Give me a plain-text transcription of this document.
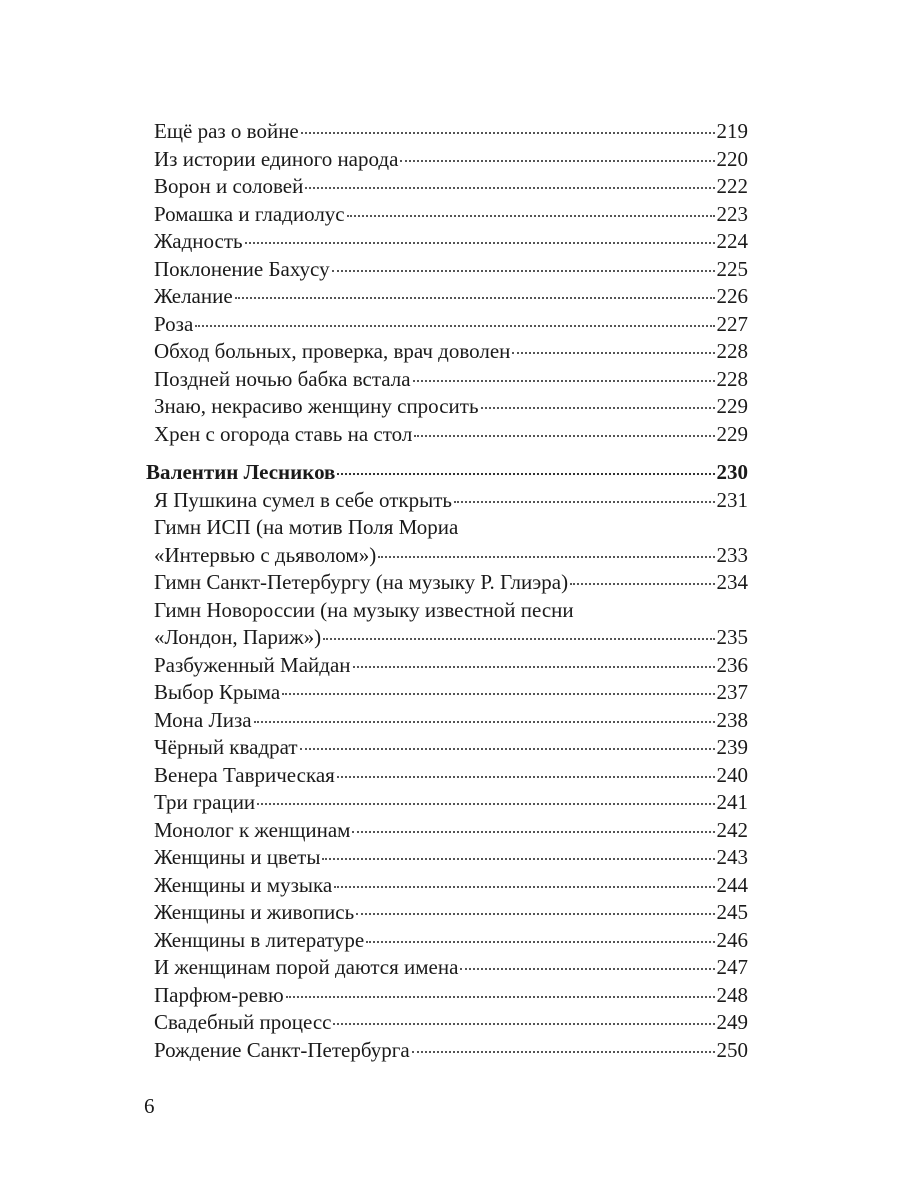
Ещё раз о войне	219
Из истории единого народа	220
Ворон и соловей	222
Ромашка и гладиолус	223
Жадность	224
Поклонение Бахусу	225
Желание	226
Роза	227
Обход больных, проверка, врач доволен	228
Поздней ночью бабка встала	228
Знаю, некрасиво женщину спросить	229
Хрен с огорода ставь на стол	229
Валентин Лесников	230
Я Пушкина сумел в себе открыть	231
Гимн ИСП (на мотив Поля Мориа
«Интервью с дьяволом»)	233
Гимн Санкт-Петербургу (на музыку Р. Глиэра)	234
Гимн Новороссии (на музыку известной песни
«Лондон, Париж»)	235
Разбуженный Майдан	236
Выбор Крыма	237
Мона Лиза	238
Чёрный квадрат	239
Венера Таврическая	240
Три грации	241
Монолог к женщинам	242
Женщины и цветы	243
Женщины и музыка	244
Женщины и живопись	245
Женщины в литературе	246
И женщинам порой даются имена	247
Парфюм-ревю	248
Свадебный процесс	249
Рождение Санкт-Петербурга	250
6
